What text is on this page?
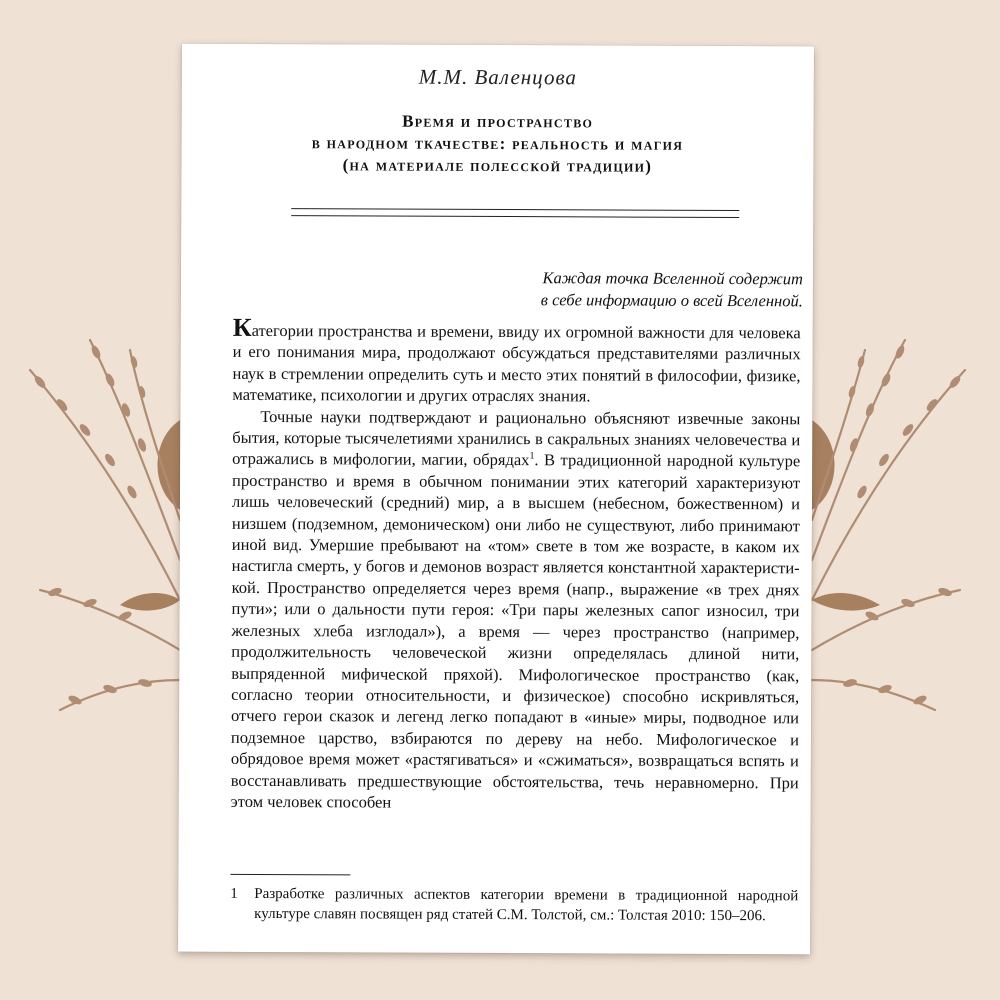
М.М. Валенцова
Время и пространство
в народном ткачестве: реальность и магия
(на материале полесской традиции)
Каждая точка Вселенной содержит
в себе информацию о всей Вселенной.

Категории пространства и времени, ввиду их огромной важности для человека и его понимания мира, продолжают обсуждаться представителями различных наук в стремлении определить суть и место этих понятий в философии, физике, математике, психологии и других отраслях знания.

Точные науки подтверждают и рационально объясняют извечные законы бытия, которые тысячелетиями хранились в сакральных знаниях человечества и отражались в мифологии, магии, обрядах$^1$. В традиционной народной культуре пространство и время в обычном понимании этих категорий характеризуют лишь человеческий (средний) мир, а в высшем (небесном, божественном) и низшем (подземном, демоническом) они либо не существуют, либо принимают иной вид. Умершие пребывают на «том» свете в том же возрасте, в каком их настигла смерть, у богов и демонов возраст является константной характеристикой. Пространство определяется через время (напр., выражение «в трех днях пути»; или о дальности пути героя: «Три пары железных сапог износил, три железных хлеба изглодал»), а время — через пространство (например, продолжительность человеческой жизни определялась длиной нити, выпряденной мифической пряхой). Мифологическое пространство (как, согласно теории относительности, и физическое) способно искривляться, отчего герои сказок и легенд легко попадают в «иные» миры, подводное или подземное царство, взбираются по дереву на небо. Мифологическое и обрядовое время может «растягиваться» и «сжиматься», возвращаться вспять и восстанавливать предшествующие обстоятельства, течь неравномерно. При этом человек способен

1	Разработке различных аспектов категории времени в традиционной народной культуре славян посвящен ряд статей С.М. Толстой, см.: Толстая 2010: 150–206.
